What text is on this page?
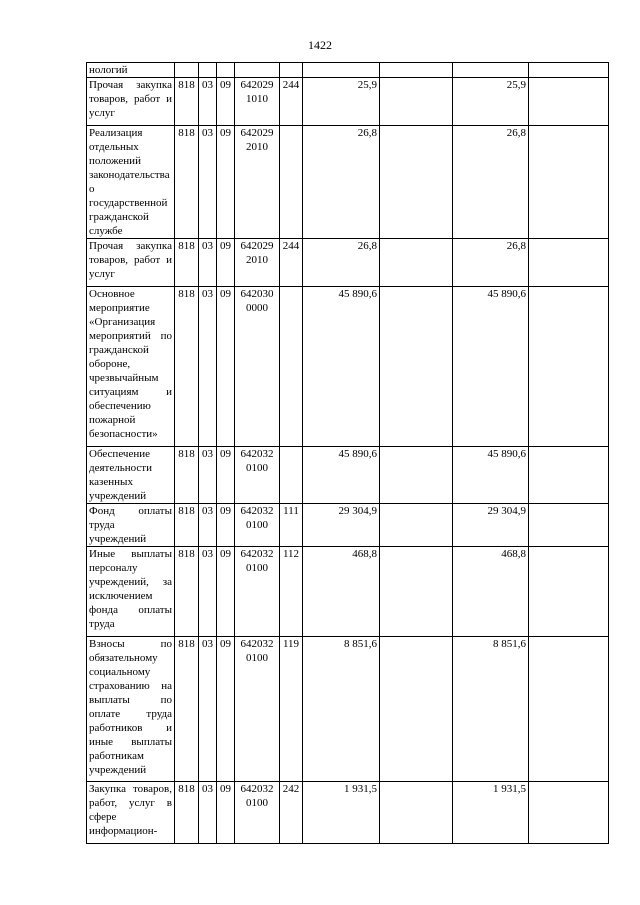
1422
нологий									
Прочая закупка товаров, работ и услуг	818	03	09	642029 1010	244	25,9		25,9	
Реализация отдельных положений законодательства о государственной гражданской службе	818	03	09	642029 2010		26,8		26,8	
Прочая закупка товаров, работ и услуг	818	03	09	642029 2010	244	26,8		26,8	
Основное мероприятие «Организация мероприятий по гражданской обороне, чрезвычайным ситуациям и обеспечению пожарной безопасности»	818	03	09	642030 0000		45 890,6		45 890,6	
Обеспечение деятельности казенных учреждений	818	03	09	642032 0100		45 890,6		45 890,6	
Фонд оплаты труда учреждений	818	03	09	642032 0100	111	29 304,9		29 304,9	
Иные выплаты персоналу учреждений, за исключением фонда оплаты труда	818	03	09	642032 0100	112	468,8		468,8	
Взносы по обязательному социальному страхованию на выплаты по оплате труда работников и иные выплаты работникам учреждений	818	03	09	642032 0100	119	8 851,6		8 851,6	
Закупка товаров, работ, услуг в сфере информацион-	818	03	09	642032 0100	242	1 931,5		1 931,5	
